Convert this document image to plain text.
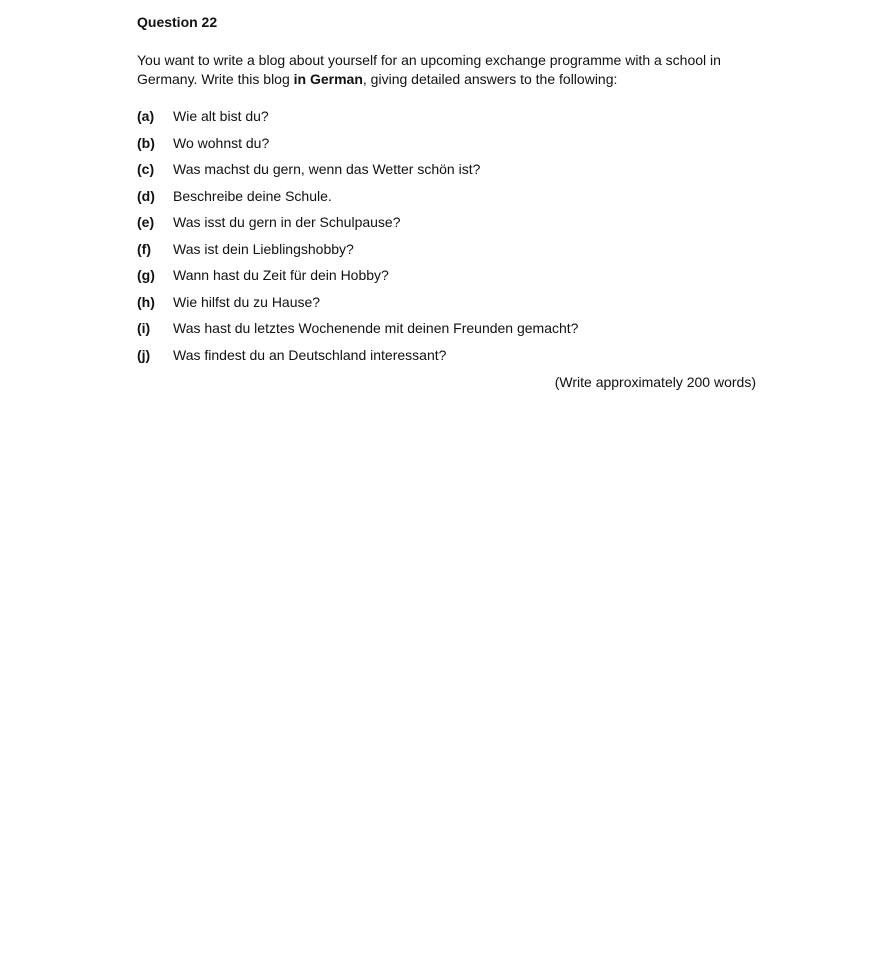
Question 22
You want to write a blog about yourself for an upcoming exchange programme with a school in Germany. Write this blog in German, giving detailed answers to the following:
(a) Wie alt bist du?
(b) Wo wohnst du?
(c) Was machst du gern, wenn das Wetter schön ist?
(d) Beschreibe deine Schule.
(e) Was isst du gern in der Schulpause?
(f) Was ist dein Lieblingshobby?
(g) Wann hast du Zeit für dein Hobby?
(h) Wie hilfst du zu Hause?
(i) Was hast du letztes Wochenende mit deinen Freunden gemacht?
(j) Was findest du an Deutschland interessant?
(Write approximately 200 words)
